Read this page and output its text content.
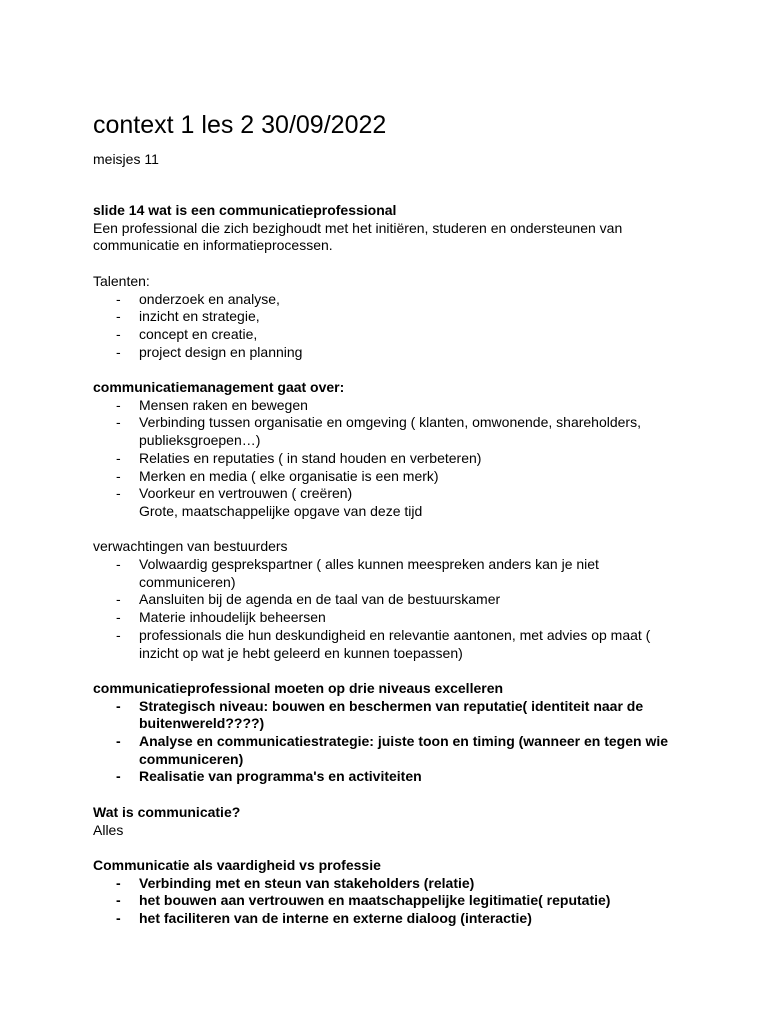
context 1 les 2 30/09/2022
meisjes 11
slide 14 wat is een communicatieprofessional
Een professional die zich bezighoudt met het initiëren, studeren en ondersteunen van communicatie en informatieprocessen.
Talenten:
- onderzoek en analyse,
- inzicht en strategie,
- concept en creatie,
- project design en planning
communicatiemanagement gaat over:
- Mensen raken en bewegen
- Verbinding tussen organisatie en omgeving ( klanten, omwonende, shareholders, publieksgroepen…)
- Relaties en reputaties ( in stand houden en verbeteren)
- Merken en media ( elke organisatie is een merk)
- Voorkeur en vertrouwen ( creëren)
Grote, maatschappelijke opgave van deze tijd
verwachtingen van bestuurders
- Volwaardig gesprekspartner ( alles kunnen meespreken anders kan je niet communiceren)
- Aansluiten bij de agenda en de taal van de bestuurskamer
- Materie inhoudelijk beheersen
- professionals die hun deskundigheid en relevantie aantonen, met advies op maat ( inzicht op wat je hebt geleerd en kunnen toepassen)
communicatieprofessional moeten op drie niveaus excelleren
- Strategisch niveau: bouwen en beschermen van reputatie( identiteit naar de buitenwereld????)
- Analyse en communicatiestrategie: juiste toon en timing (wanneer en tegen wie communiceren)
- Realisatie van programma's en activiteiten
Wat is communicatie?
Alles
Communicatie als vaardigheid vs professie
- Verbinding met en steun van stakeholders (relatie)
- het bouwen aan vertrouwen en maatschappelijke legitimatie( reputatie)
- het faciliteren van de interne en externe dialoog (interactie)
